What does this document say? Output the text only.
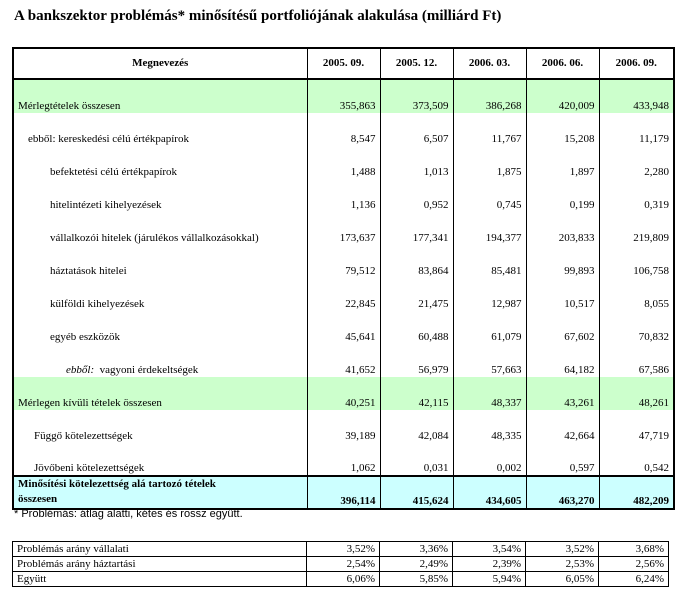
A bankszektor problémás* minősítésű portfoliójának alakulása (milliárd Ft)
Megnevezés	2005. 09.	2005. 12.	2006. 03.	2006. 06.	2006. 09.
Mérlegtételek összesen	355,863	373,509	386,268	420,009	433,948
ebből: kereskedési célú értékpapírok	8,547	6,507	11,767	15,208	11,179
befektetési célú értékpapírok	1,488	1,013	1,875	1,897	2,280
hitelintézeti kihelyezések	1,136	0,952	0,745	0,199	0,319
vállalkozói hitelek (járulékos vállalkozásokkal)	173,637	177,341	194,377	203,833	219,809
háztatások hitelei	79,512	83,864	85,481	99,893	106,758
külföldi kihelyezések	22,845	21,475	12,987	10,517	8,055
egyéb eszközök	45,641	60,488	61,079	67,602	70,832
ebből: vagyoni érdekeltségek	41,652	56,979	57,663	64,182	67,586
Mérlegen kívüli tételek összesen	40,251	42,115	48,337	43,261	48,261
Függő kötelezettségek	39,189	42,084	48,335	42,664	47,719
Jövőbeni kötelezettségek	1,062	0,031	0,002	0,597	0,542
Minősítési kötelezettség alá tartozó tételek
összesen	396,114	415,624	434,605	463,270	482,209
* Problémás: átlag alatti, kétes és rossz együtt.
Problémás arány vállalati	3,52%	3,36%	3,54%	3,52%	3,68%
Problémás arány háztartási	2,54%	2,49%	2,39%	2,53%	2,56%
Együtt	6,06%	5,85%	5,94%	6,05%	6,24%
